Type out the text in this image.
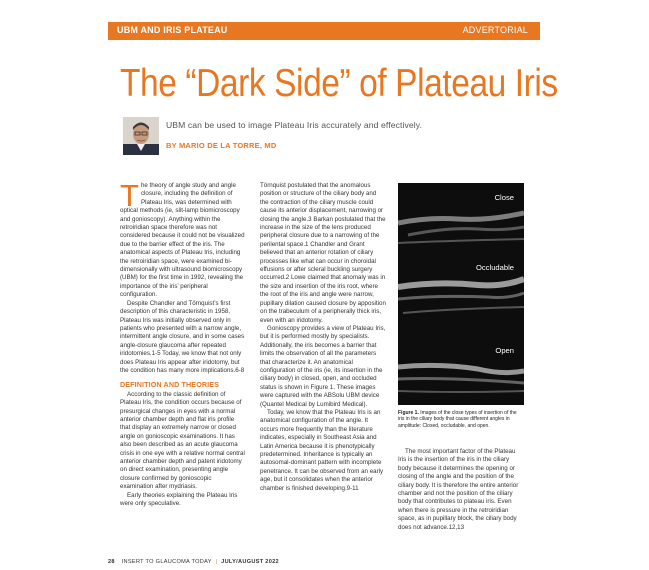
UBM AND IRIS PLATEAU	ADVERTORIAL
The “Dark Side” of Plateau Iris
UBM can be used to image Plateau Iris accurately and effectively.
BY MARIO DE LA TORRE, MD

The theory of angle study and angle closure, including the definition of Plateau Iris, was determined with optical methods (ie, slit-lamp biomicroscopy and gonioscopy). Anything within the retroiridian space therefore was not considered because it could not be visualized due to the barrier effect of the iris. The anatomical aspects of Plateau Iris, including the retroiridian space, were examined bi-dimensionally with ultrasound biomicroscopy (UBM) for the first time in 1992, revealing the importance of the iris’ peripheral configuration.

Despite Chandler and Törnquist’s first description of this characteristic in 1958, Plateau Iris was initially observed only in patients who presented with a narrow angle, intermittent angle closure, and in some cases angle-closure glaucoma after repeated iridotomies.1-5 Today, we know that not only does Plateau Iris appear after iridotomy, but the condition has many more implications.6-8

DEFINITION AND THEORIES

According to the classic definition of Plateau Iris, the condition occurs because of presurgical changes in eyes with a normal anterior chamber depth and flat iris profile that display an extremely narrow or closed angle on gonioscopic examinations. It has also been described as an acute glaucoma crisis in one eye with a relative normal central anterior chamber depth and patent iridotomy on direct examination, presenting angle closure confirmed by gonioscopic examination after mydriasis.

Early theories explaining the Plateau Iris were only speculative.

Törnquist postulated that the anomalous position or structure of the ciliary body and the contraction of the ciliary muscle could cause its anterior displacement, narrowing or closing the angle.3 Barkan postulated that the increase in the size of the lens produced peripheral closure due to a narrowing of the perilental space.1 Chandler and Grant believed that an anterior rotation of ciliary processes like what can occur in choroidal effusions or after scleral buckling surgery occurred.2 Lowe claimed that anomaly was in the size and insertion of the iris root, where the root of the iris and angle were narrow, pupillary dilation caused closure by apposition on the trabeculum of a peripherally thick iris, even with an iridotomy.

Gonioscopy provides a view of Plateau Iris, but it is performed mostly by specialists. Additionally, the iris becomes a barrier that limits the observation of all the parameters that characterize it. An anatomical configuration of the iris (ie, its insertion in the ciliary body) in closed, open, and occluded status is shown in Figure 1. These images were captured with the ABSolu UBM device (Quantel Medical by Lumibird Medical).

Today, we know that the Plateau Iris is an anatomical configuration of the angle. It occurs more frequently than the literature indicates, especially in Southeast Asia and Latin America because it is phenotypically predetermined. Inheritance is typically an autosomal-dominant pattern with incomplete penetrance. It can be observed from an early age, but it consolidates when the anterior chamber is finished developing.9-11

Close
Occludable
Open
Figure 1. Images of the close types of insertion of the iris in the ciliary body that cause different angles in amplitude: Closed, occludable, and open.

The most important factor of the Plateau Iris is the insertion of the iris in the ciliary body because it determines the opening or closing of the angle and the position of the ciliary body. It is therefore the entire anterior chamber and not the position of the ciliary body that contributes to plateau iris. Even when there is pressure in the retroiridian space, as in pupillary block, the ciliary body does not advance.12,13

28 INSERT TO GLAUCOMA TODAY | JULY/AUGUST 2022
